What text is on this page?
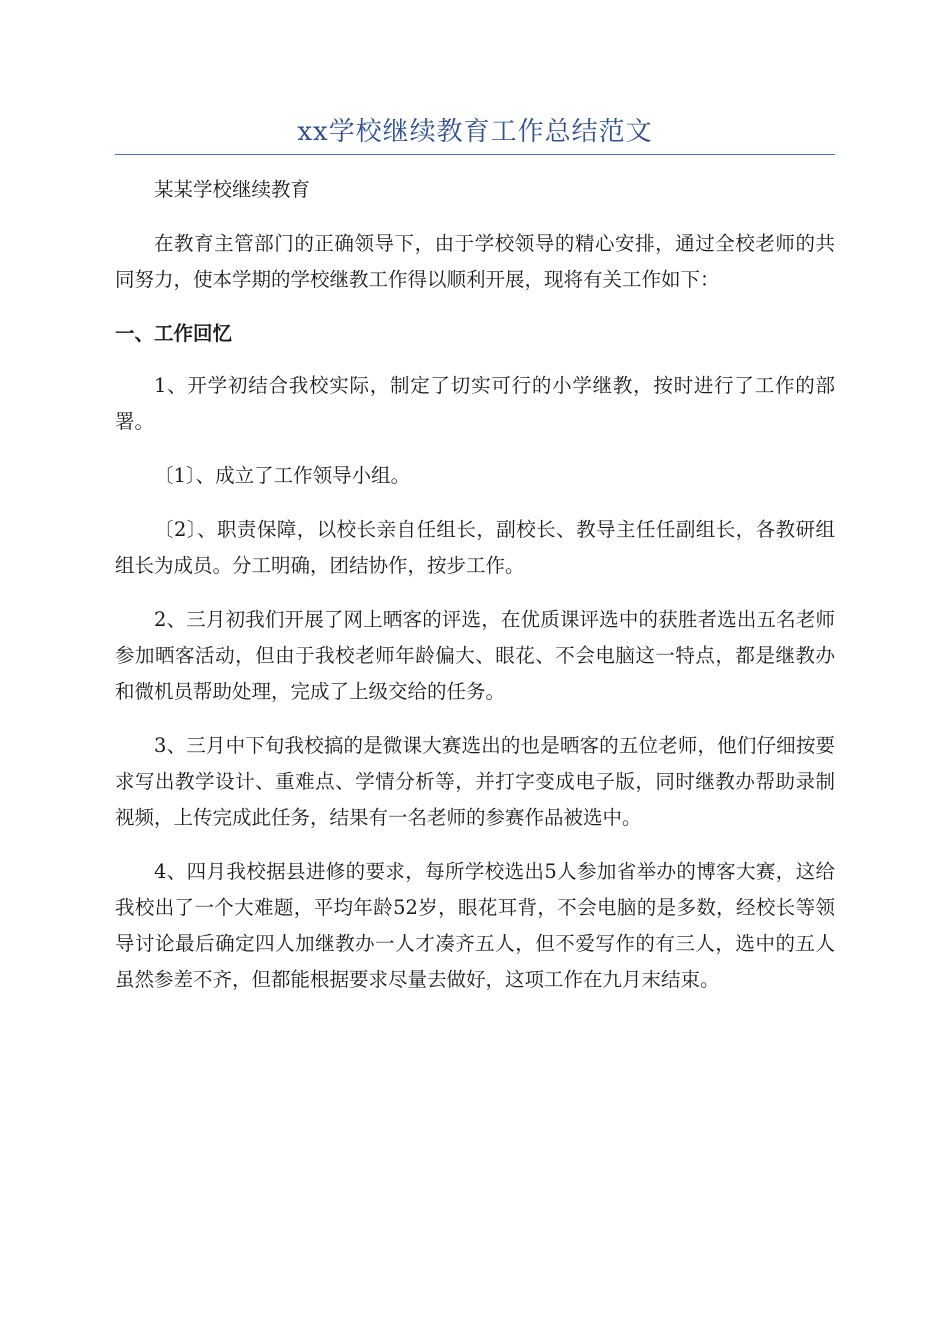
xx学校继续教育工作总结范文

某某学校继续教育

在教育主管部门的正确领导下，由于学校领导的精心安排，通过全校老师的共同努力，使本学期的学校继教工作得以顺利开展，现将有关工作如下：

一、工作回忆

1、开学初结合我校实际，制定了切实可行的小学继教，按时进行了工作的部署。

〔1〕、成立了工作领导小组。

〔2〕、职责保障，以校长亲自任组长，副校长、教导主任任副组长，各教研组组长为成员。分工明确，团结协作，按步工作。

2、三月初我们开展了网上晒客的评选，在优质课评选中的获胜者选出五名老师参加晒客活动，但由于我校老师年龄偏大、眼花、不会电脑这一特点，都是继教办和微机员帮助处理，完成了上级交给的任务。

3、三月中下旬我校搞的是微课大赛选出的也是晒客的五位老师，他们仔细按要求写出教学设计、重难点、学情分析等，并打字变成电子版，同时继教办帮助录制视频，上传完成此任务，结果有一名老师的参赛作品被选中。

4、四月我校据县进修的要求，每所学校选出5人参加省举办的博客大赛，这给我校出了一个大难题，平均年龄52岁，眼花耳背，不会电脑的是多数，经校长等领导讨论最后确定四人加继教办一人才凑齐五人，但不爱写作的有三人，选中的五人虽然参差不齐，但都能根据要求尽量去做好，这项工作在九月末结束。
